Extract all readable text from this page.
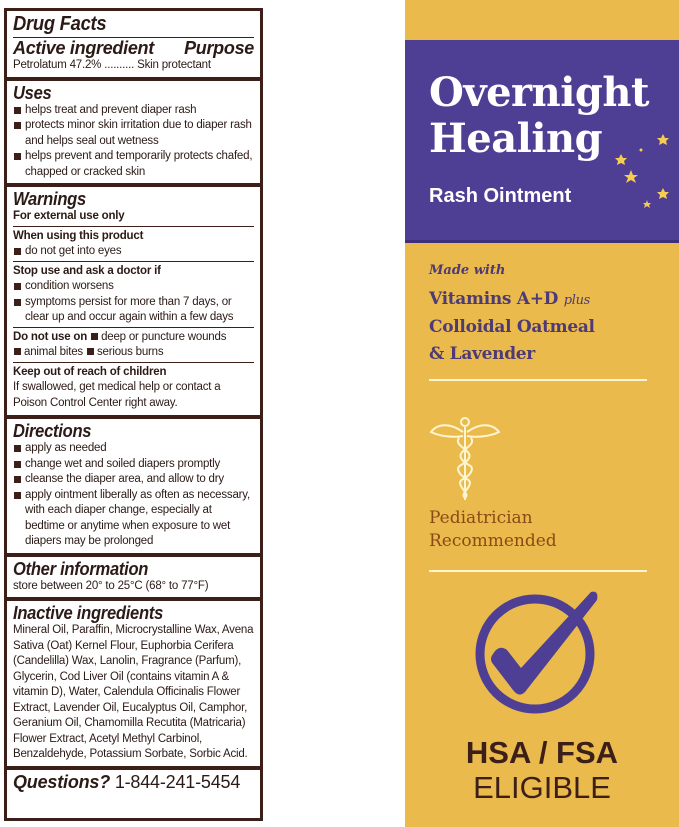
Drug Facts
Active ingredient Purpose
Petrolatum 47.2% .......... Skin protectant
Uses
helps treat and prevent diaper rash
protects minor skin irritation due to diaper rash and helps seal out wetness
helps prevent and temporarily protects chafed, chapped or cracked skin
Warnings
For external use only
When using this product
do not get into eyes
Stop use and ask a doctor if
condition worsens
symptoms persist for more than 7 days, or clear up and occur again within a few days
Do not use on deep or puncture wounds
animal bites serious burns
Keep out of reach of children
If swallowed, get medical help or contact a Poison Control Center right away.
Directions
apply as needed
change wet and soiled diapers promptly
cleanse the diaper area, and allow to dry
apply ointment liberally as often as necessary, with each diaper change, especially at bedtime or anytime when exposure to wet diapers may be prolonged
Other information
store between 20° to 25°C (68° to 77°F)
Inactive ingredients
Mineral Oil, Paraffin, Microcrystalline Wax, Avena Sativa (Oat) Kernel Flour, Euphorbia Cerifera (Candelilla) Wax, Lanolin, Fragrance (Parfum), Glycerin, Cod Liver Oil (contains vitamin A & vitamin D), Water, Calendula Officinalis Flower Extract, Lavender Oil, Eucalyptus Oil, Camphor, Geranium Oil, Chamomilla Recutita (Matricaria) Flower Extract, Acetyl Methyl Carbinol, Benzaldehyde, Potassium Sorbate, Sorbic Acid.
Questions? 1-844-241-5454
Overnight
Healing
Rash Ointment
Made with
Vitamins A+D plus
Colloidal Oatmeal
& Lavender
Pediatrician
Recommended
HSA / FSA
ELIGIBLE
